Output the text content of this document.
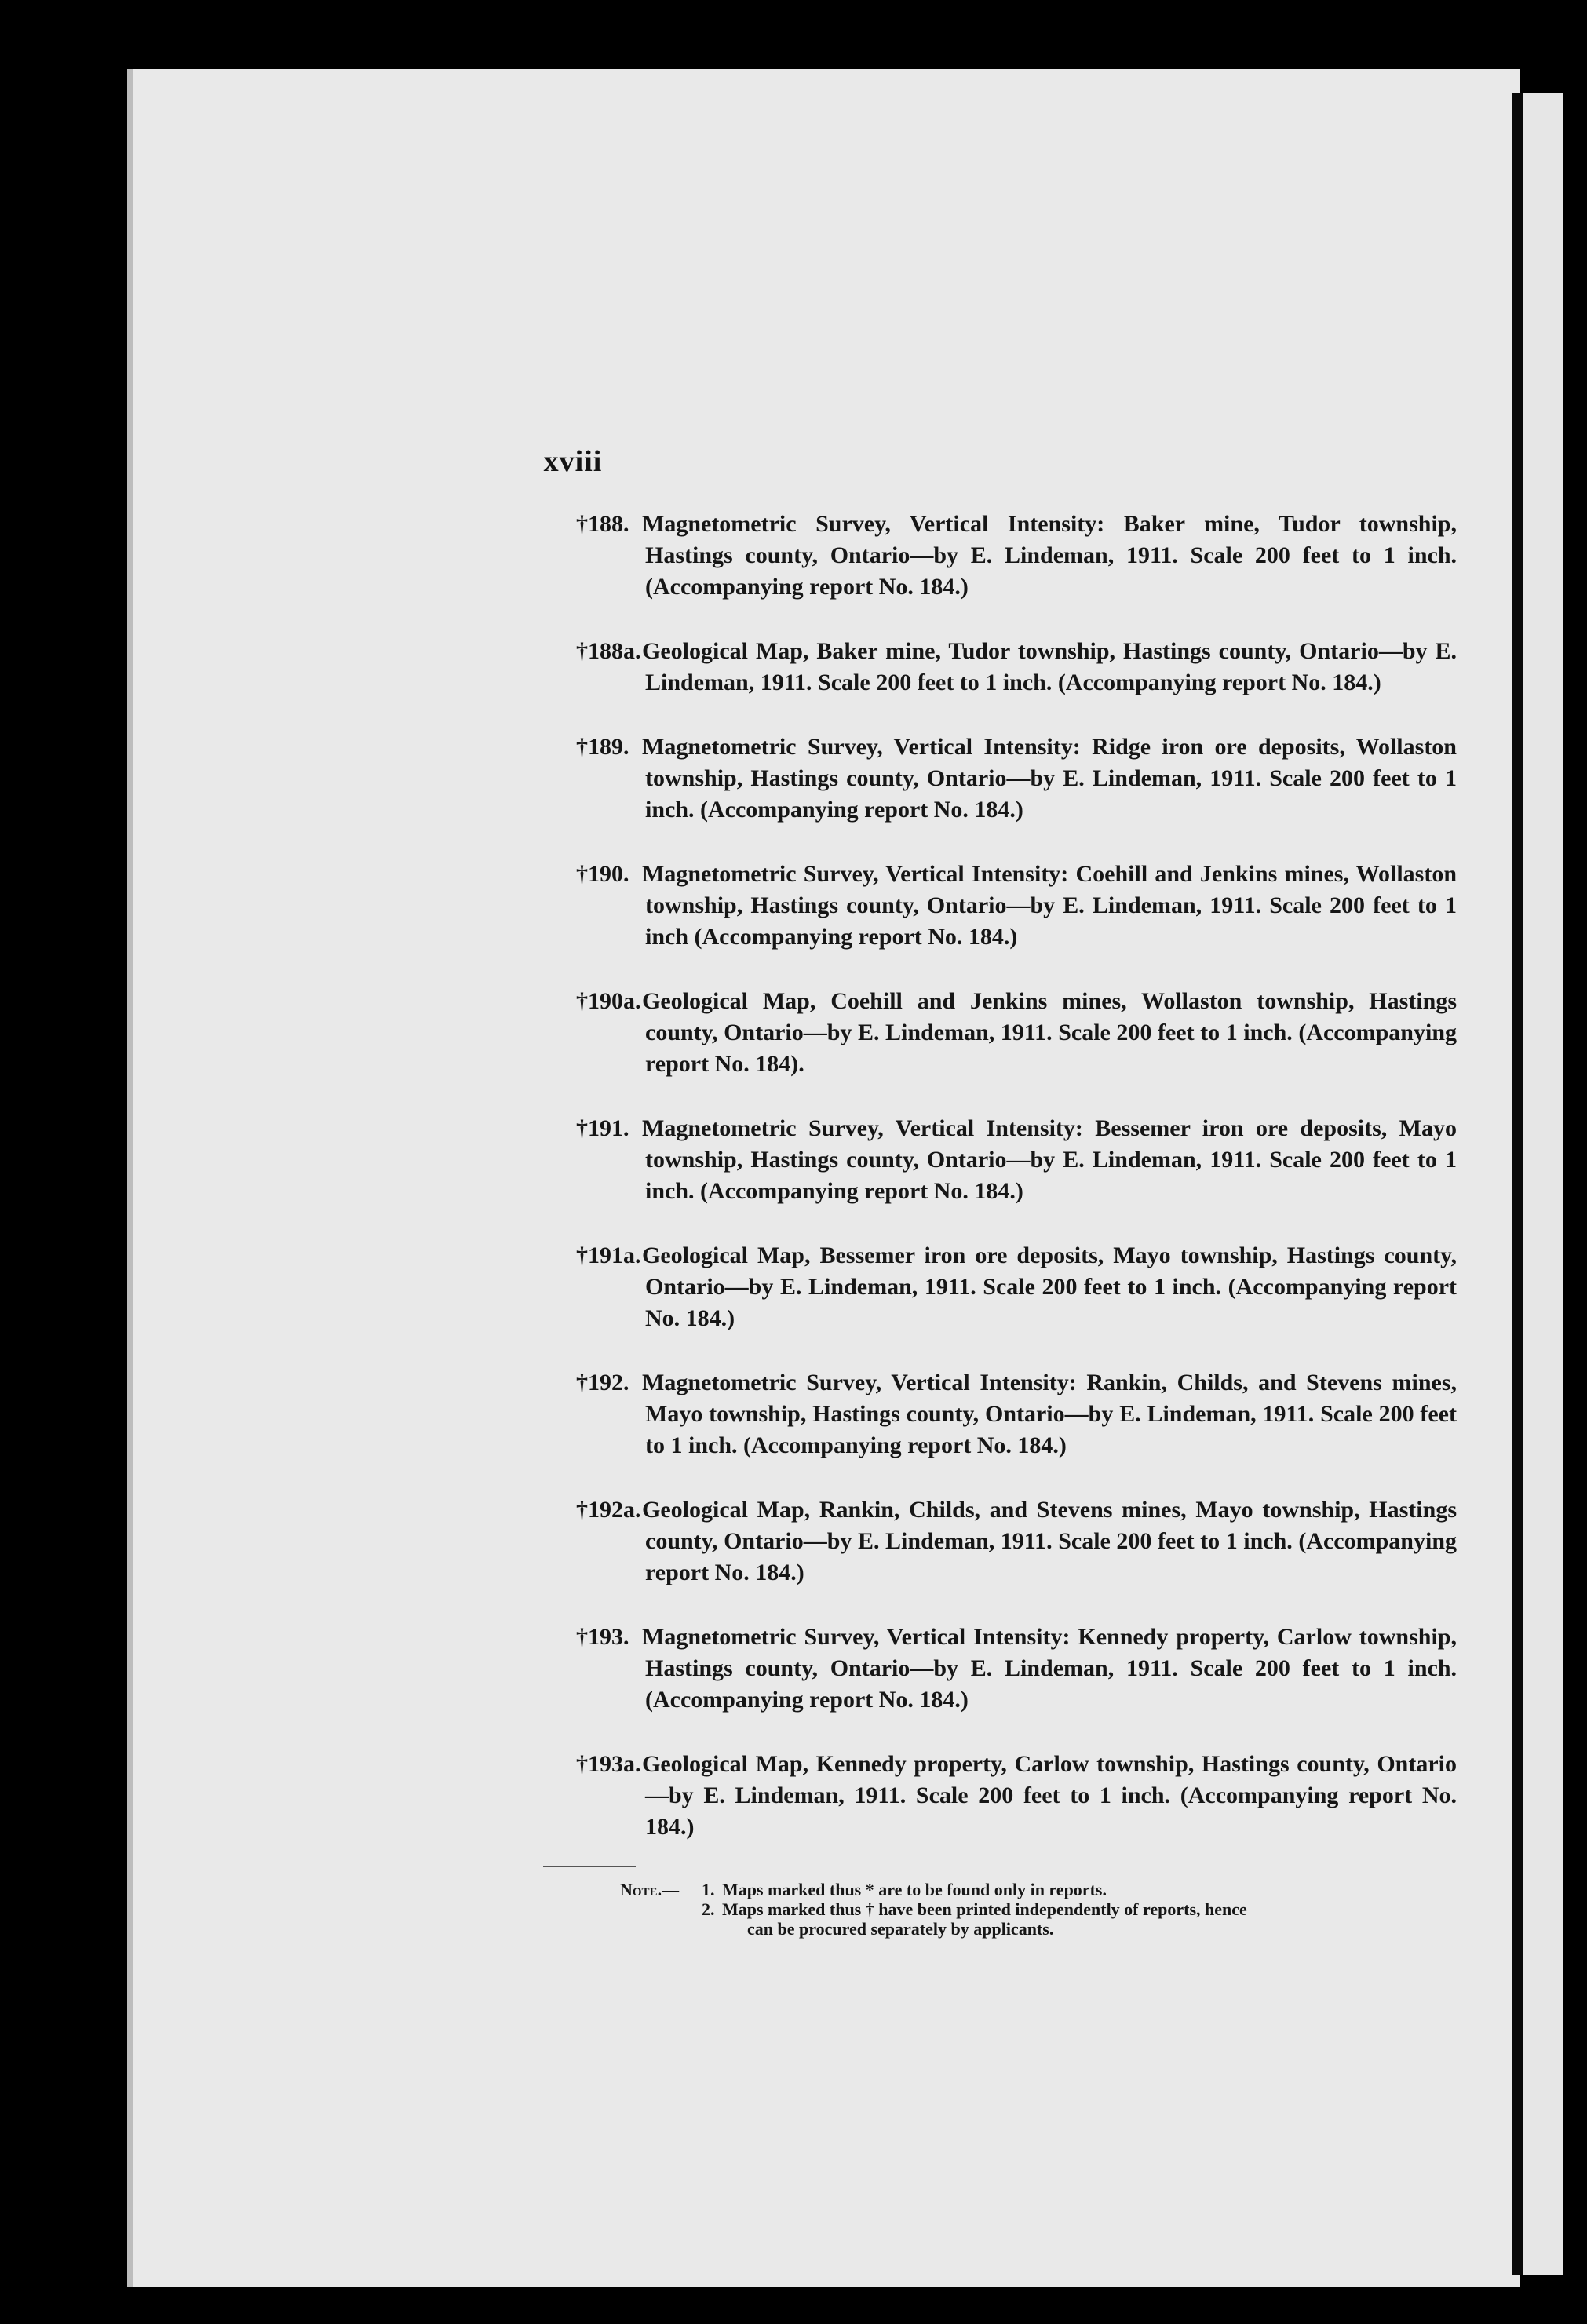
xviii
†188. Magnetometric Survey, Vertical Intensity: Baker mine, Tudor township, Hastings county, Ontario—by E. Lindeman, 1911. Scale 200 feet to 1 inch. (Accompanying report No. 184.)
†188a.Geological Map, Baker mine, Tudor township, Hastings county, Ontario—by E. Lindeman, 1911. Scale 200 feet to 1 inch. (Accompanying report No. 184.)
†189. Magnetometric Survey, Vertical Intensity: Ridge iron ore deposits, Wollaston township, Hastings county, Ontario—by E. Lindeman, 1911. Scale 200 feet to 1 inch. (Accompanying report No. 184.)
†190. Magnetometric Survey, Vertical Intensity: Coehill and Jenkins mines, Wollaston township, Hastings county, Ontario—by E. Lindeman, 1911. Scale 200 feet to 1 inch (Accompanying report No. 184.)
†190a.Geological Map, Coehill and Jenkins mines, Wollaston township, Hastings county, Ontario—by E. Lindeman, 1911. Scale 200 feet to 1 inch. (Accompanying report No. 184).
†191. Magnetometric Survey, Vertical Intensity: Bessemer iron ore deposits, Mayo township, Hastings county, Ontario—by E. Lindeman, 1911. Scale 200 feet to 1 inch. (Accompanying report No. 184.)
†191a.Geological Map, Bessemer iron ore deposits, Mayo township, Hastings county, Ontario—by E. Lindeman, 1911. Scale 200 feet to 1 inch. (Accompanying report No. 184.)
†192. Magnetometric Survey, Vertical Intensity: Rankin, Childs, and Stevens mines, Mayo township, Hastings county, Ontario—by E. Lindeman, 1911. Scale 200 feet to 1 inch. (Accompanying report No. 184.)
†192a.Geological Map, Rankin, Childs, and Stevens mines, Mayo township, Hastings county, Ontario—by E. Lindeman, 1911. Scale 200 feet to 1 inch. (Accompanying report No. 184.)
†193. Magnetometric Survey, Vertical Intensity: Kennedy property, Carlow township, Hastings county, Ontario—by E. Lindeman, 1911. Scale 200 feet to 1 inch. (Accompanying report No. 184.)
†193a.Geological Map, Kennedy property, Carlow township, Hastings county, Ontario—by E. Lindeman, 1911. Scale 200 feet to 1 inch. (Accompanying report No. 184.)
Note.— 1. Maps marked thus * are to be found only in reports.
2. Maps marked thus † have been printed independently of reports, hence
can be procured separately by applicants.
